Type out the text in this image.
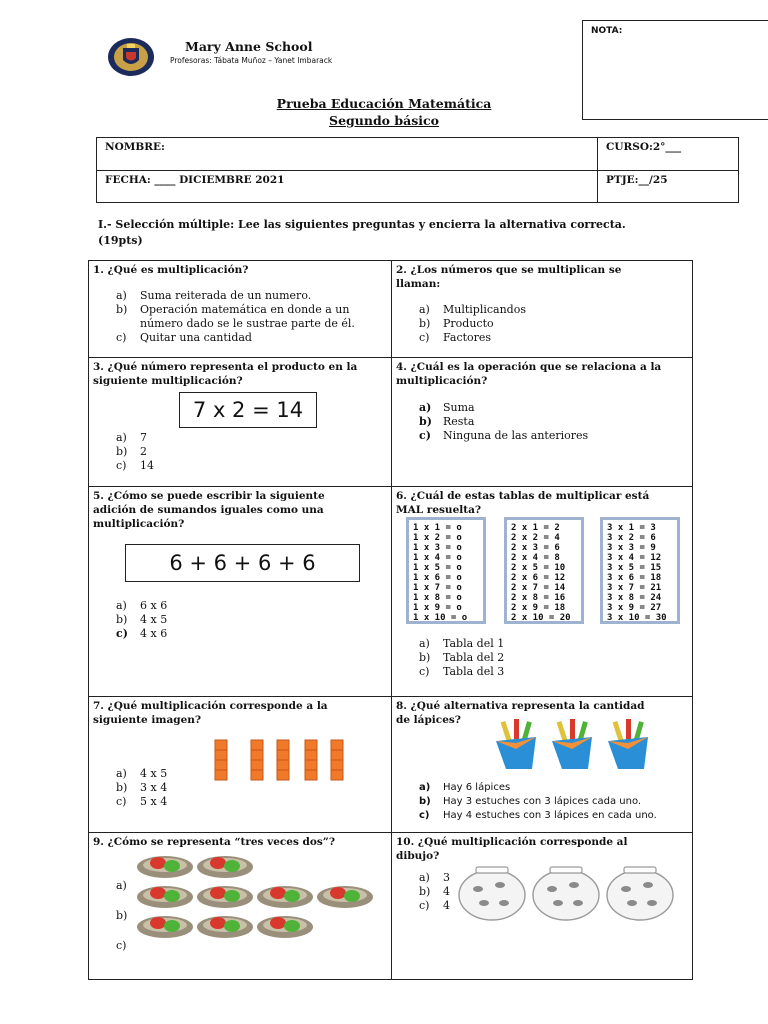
Mary Anne School
Profesoras: Tábata Muñoz – Yanet Imbarack
NOTA:
Prueba Educación Matemática
Segundo básico
NOMBRE:	CURSO:2°___
FECHA: ____ DICIEMBRE 2021	PTJE:__/25
I.- Selección múltiple: Lee las siguientes preguntas y encierra la alternativa correcta.
(19pts)
1. ¿Qué es multiplicación?
a) Suma reiterada de un numero.
b) Operación matemática en donde a un
número dado se le sustrae parte de él.
c) Quitar una cantidad
2. ¿Los números que se multiplican se
llaman:
a) Multiplicandos
b) Producto
c) Factores
3. ¿Qué número representa el producto en la
siguiente multiplicación?
7 x 2 = 14
a) 7
b) 2
c) 14
4. ¿Cuál es la operación que se relaciona a la
multiplicación?
a) Suma
b) Resta
c) Ninguna de las anteriores
5. ¿Cómo se puede escribir la siguiente
adición de sumandos iguales como una
multiplicación?
6 + 6 + 6 + 6
a) 6 x 6
b) 4 x 5
c) 4 x 6
6. ¿Cuál de estas tablas de multiplicar está
MAL resuelta?
1 x 1 = o
1 x 2 = o
1 x 3 = o
1 x 4 = o
1 x 5 = o
1 x 6 = o
1 x 7 = o
1 x 8 = o
1 x 9 = o
1 x 10 = o
2 x 1 = 2
2 x 2 = 4
2 x 3 = 6
2 x 4 = 8
2 x 5 = 10
2 x 6 = 12
2 x 7 = 14
2 x 8 = 16
2 x 9 = 18
2 x 10 = 20
3 x 1 = 3
3 x 2 = 6
3 x 3 = 9
3 x 4 = 12
3 x 5 = 15
3 x 6 = 18
3 x 7 = 21
3 x 8 = 24
3 x 9 = 27
3 x 10 = 30
a) Tabla del 1
b) Tabla del 2
c) Tabla del 3
7. ¿Qué multiplicación corresponde a la
siguiente imagen?
a) 4 x 5
b) 3 x 4
c) 5 x 4
8. ¿Qué alternativa representa la cantidad
de lápices?
a) Hay 6 lápices
b) Hay 3 estuches con 3 lápices cada uno.
c) Hay 4 estuches con 3 lápices en cada uno.
9. ¿Cómo se representa “tres veces dos”?
a)
b)
c)
10. ¿Qué multiplicación corresponde al
dibujo?
a) 3
b) 4
c) 4
